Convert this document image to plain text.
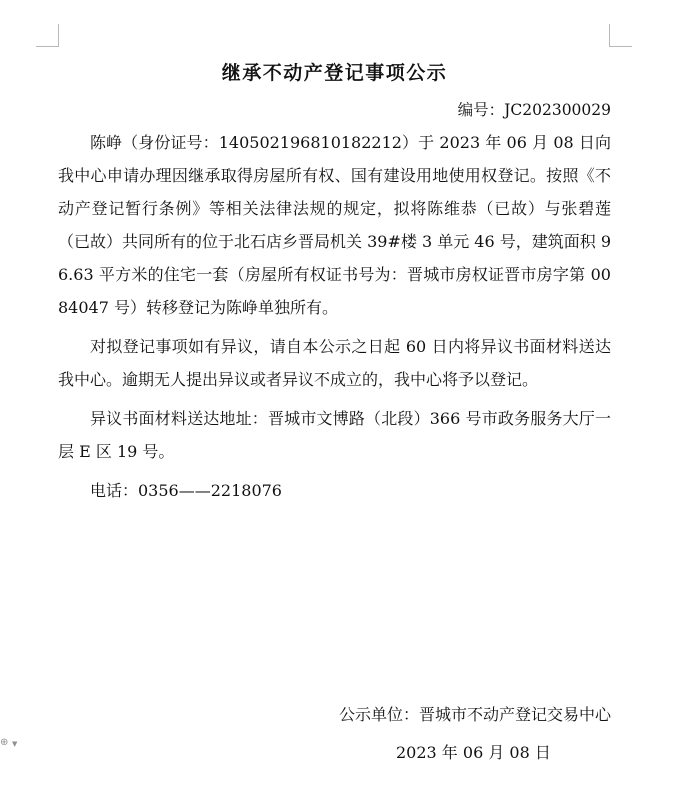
⊕ ▼
继承不动产登记事项公示
编号：JC202300029

陈峥（身份证号：140502196810182212）于 2023 年 06 月 08 日向我中心申请办理因继承取得房屋所有权、国有建设用地使用权登记。按照《不动产登记暂行条例》等相关法律法规的规定，拟将陈维恭（已故）与张碧莲（已故）共同所有的位于北石店乡晋局机关 39#楼 3 单元 46 号，建筑面积 96.63 平方米的住宅一套（房屋所有权证书号为：晋城市房权证晋市房字第 0084047 号）转移登记为陈峥单独所有。

对拟登记事项如有异议，请自本公示之日起 60 日内将异议书面材料送达我中心。逾期无人提出异议或者异议不成立的，我中心将予以登记。

异议书面材料送达地址：晋城市文博路（北段）366 号市政务服务大厅一层 E 区 19 号。

电话：0356——2218076

公示单位：晋城市不动产登记交易中心
2023 年 06 月 08 日
